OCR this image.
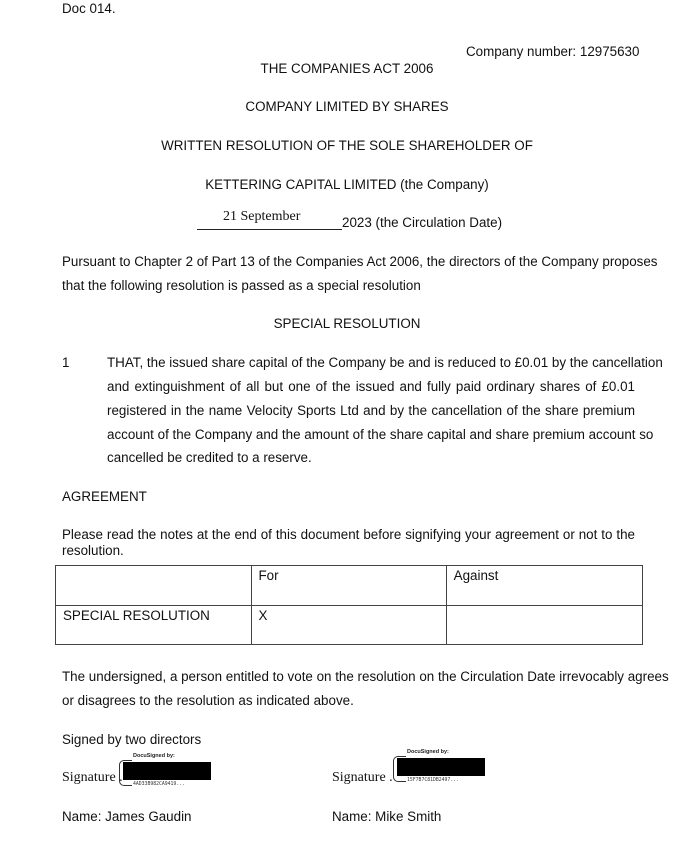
Doc 014.
Company number: 12975630
THE COMPANIES ACT 2006
COMPANY LIMITED BY SHARES
WRITTEN RESOLUTION OF THE SOLE SHAREHOLDER OF
KETTERING CAPITAL LIMITED (the Company)
21 September	2023 (the Circulation Date)
Pursuant to Chapter 2 of Part 13 of the Companies Act 2006, the directors of the Company proposes
that the following resolution is passed as a special resolution
SPECIAL RESOLUTION
1	THAT, the issued share capital of the Company be and is reduced to £0.01 by the cancellation
and extinguishment of all but one of the issued and fully paid ordinary shares of £0.01
registered in the name Velocity Sports Ltd and by the cancellation of the share premium
account of the Company and the amount of the share capital and share premium account so
cancelled be credited to a reserve.
AGREEMENT
Please read the notes at the end of this document before signifying your agreement or not to the
resolution.

	For	Against

SPECIAL RESOLUTION	X	

The undersigned, a person entitled to vote on the resolution on the Circulation Date irrevocably agrees
or disagrees to the resolution as indicated above.
Signed by two directors
Signature .
DocuSigned by:
4AD33B982CA9419...	Signature .
DocuSigned by:
15F7B7C81DB2497...
Name: James Gaudin	Name: Mike Smith
